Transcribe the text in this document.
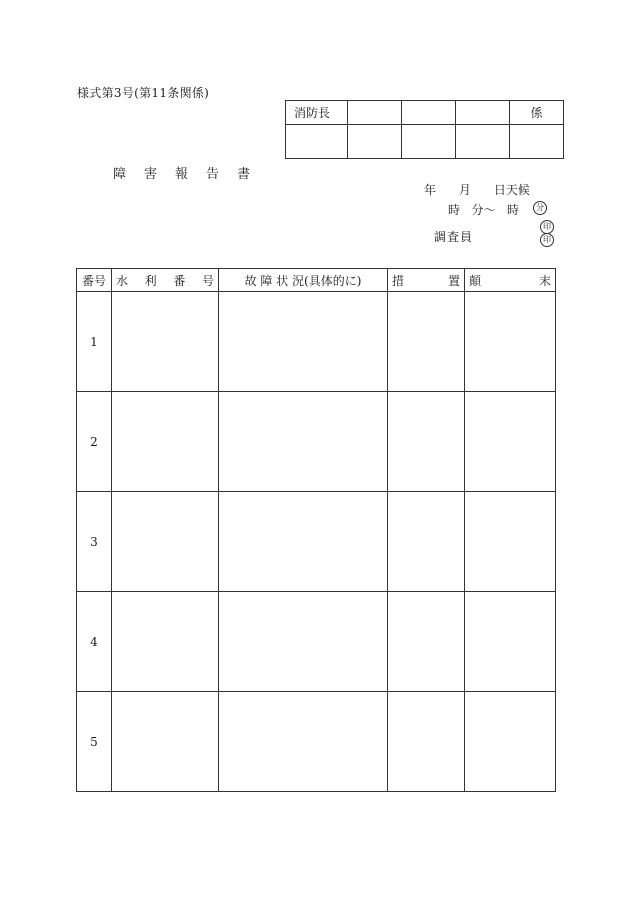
様式第3号(第11条関係)
消防長				係

障害報告書
年 月 日天候
時 分〜 時	分
調査員
印
印
番号	水 利 番 号	故 障 状 況(具体的に)	措 置	顛 末

1				
2				
3				
4				
5				
